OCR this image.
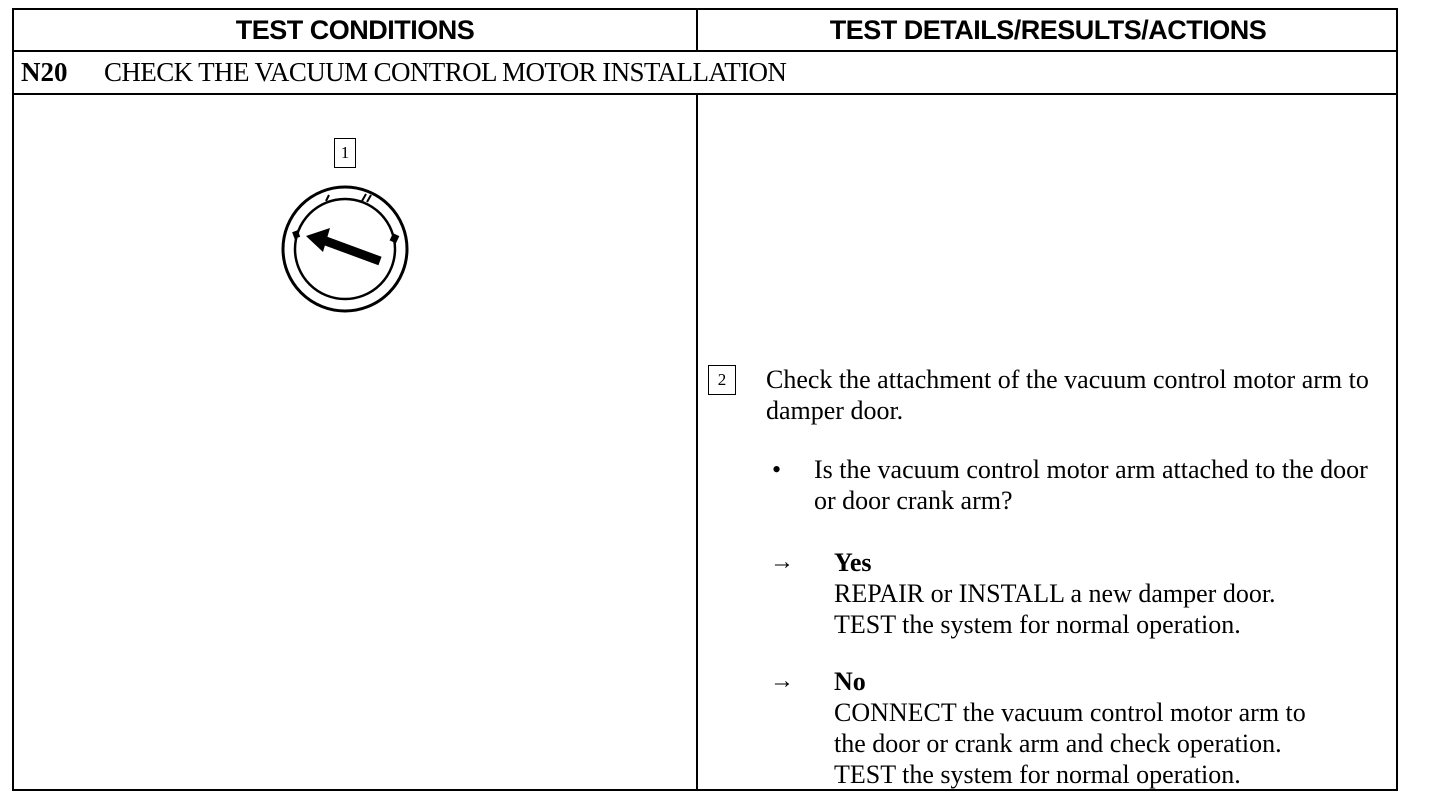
TEST CONDITIONS	TEST DETAILS/RESULTS/ACTIONS
N20 CHECK THE VACUUM CONTROL MOTOR INSTALLATION
1
2	Check the attachment of the vacuum control motor arm to damper door.
• Is the vacuum control motor arm attached to the door or door crank arm?
→ Yes
REPAIR or INSTALL a new damper door.
TEST the system for normal operation.
→ No
CONNECT the vacuum control motor arm to
the door or crank arm and check operation.
TEST the system for normal operation.
